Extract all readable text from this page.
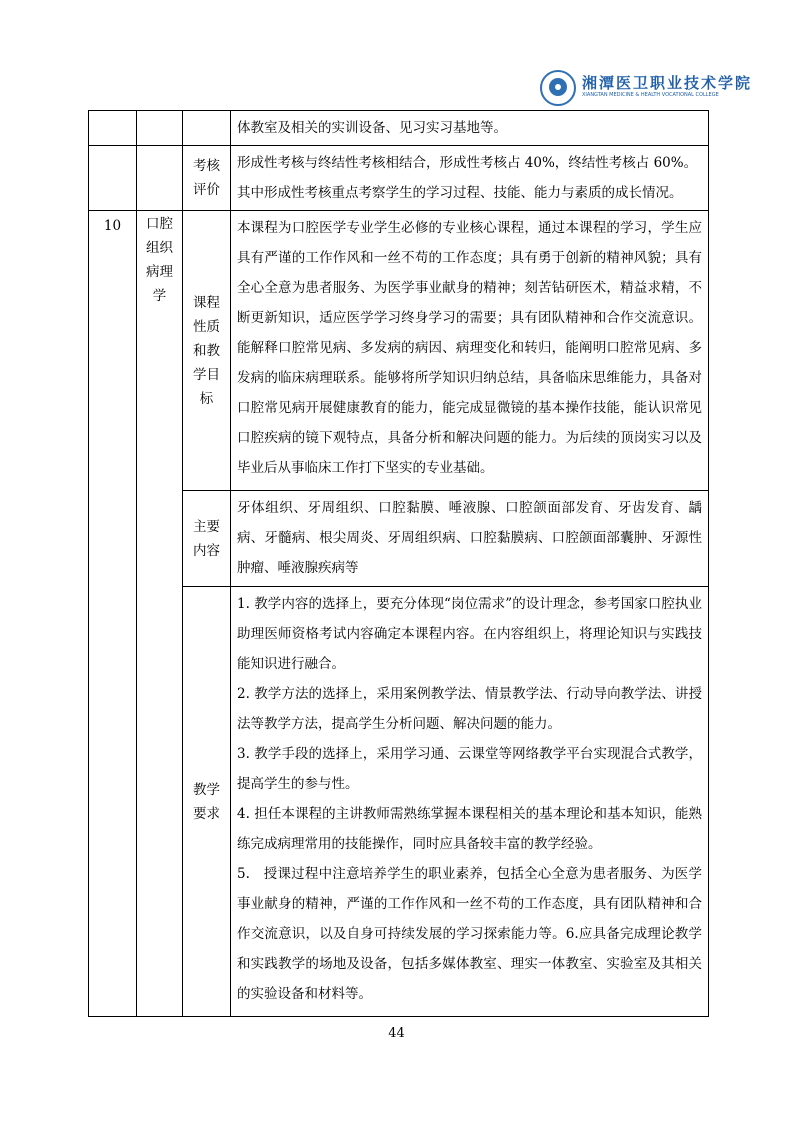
湘潭医卫职业技术学院
XIANGTAN MEDICINE & HEALTH VOCATIONAL COLLEGE
			体教室及相关的实训设备、见习实习基地等。

		考核评价	形成性考核与终结性考核相结合，形成性考核占 40%，终结性考核占 60%。

其中形成性考核重点考察学生的学习过程、技能、能力与素质的成长情况。

10	口腔组织病理学	课程性质和教学目标	本课程为口腔医学专业学生必修的专业核心课程，通过本课程的学习，学生应具有严谨的工作作风和一丝不苟的工作态度；具有勇于创新的精神风貌；具有全心全意为患者服务、为医学事业献身的精神；刻苦钻研医术，精益求精，不断更新知识，适应医学学习终身学习的需要；具有团队精神和合作交流意识。能解释口腔常见病、多发病的病因、病理变化和转归，能阐明口腔常见病、多发病的临床病理联系。能够将所学知识归纳总结，具备临床思维能力，具备对口腔常见病开展健康教育的能力，能完成显微镜的基本操作技能，能认识常见口腔疾病的镜下观特点，具备分析和解决问题的能力。为后续的顶岗实习以及毕业后从事临床工作打下坚实的专业基础。

		主要内容	牙体组织、牙周组织、口腔黏膜、唾液腺、口腔颌面部发育、牙齿发育、龋病、牙髓病、根尖周炎、牙周组织病、口腔黏膜病、口腔颌面部囊肿、牙源性肿瘤、唾液腺疾病等

		教学要求	1. 教学内容的选择上，要充分体现“岗位需求”的设计理念，参考国家口腔执业助理医师资格考试内容确定本课程内容。在内容组织上，将理论知识与实践技能知识进行融合。

2. 教学方法的选择上，采用案例教学法、情景教学法、行动导向教学法、讲授法等教学方法，提高学生分析问题、解决问题的能力。

3. 教学手段的选择上，采用学习通、云课堂等网络教学平台实现混合式教学，提高学生的参与性。

4. 担任本课程的主讲教师需熟练掌握本课程相关的基本理论和基本知识，能熟练完成病理常用的技能操作，同时应具备较丰富的教学经验。

5.　授课过程中注意培养学生的职业素养，包括全心全意为患者服务、为医学事业献身的精神，严谨的工作作风和一丝不苟的工作态度，具有团队精神和合作交流意识，以及自身可持续发展的学习探索能力等。6.应具备完成理论教学和实践教学的场地及设备，包括多媒体教室、理实一体教室、实验室及其相关的实验设备和材料等。

44
